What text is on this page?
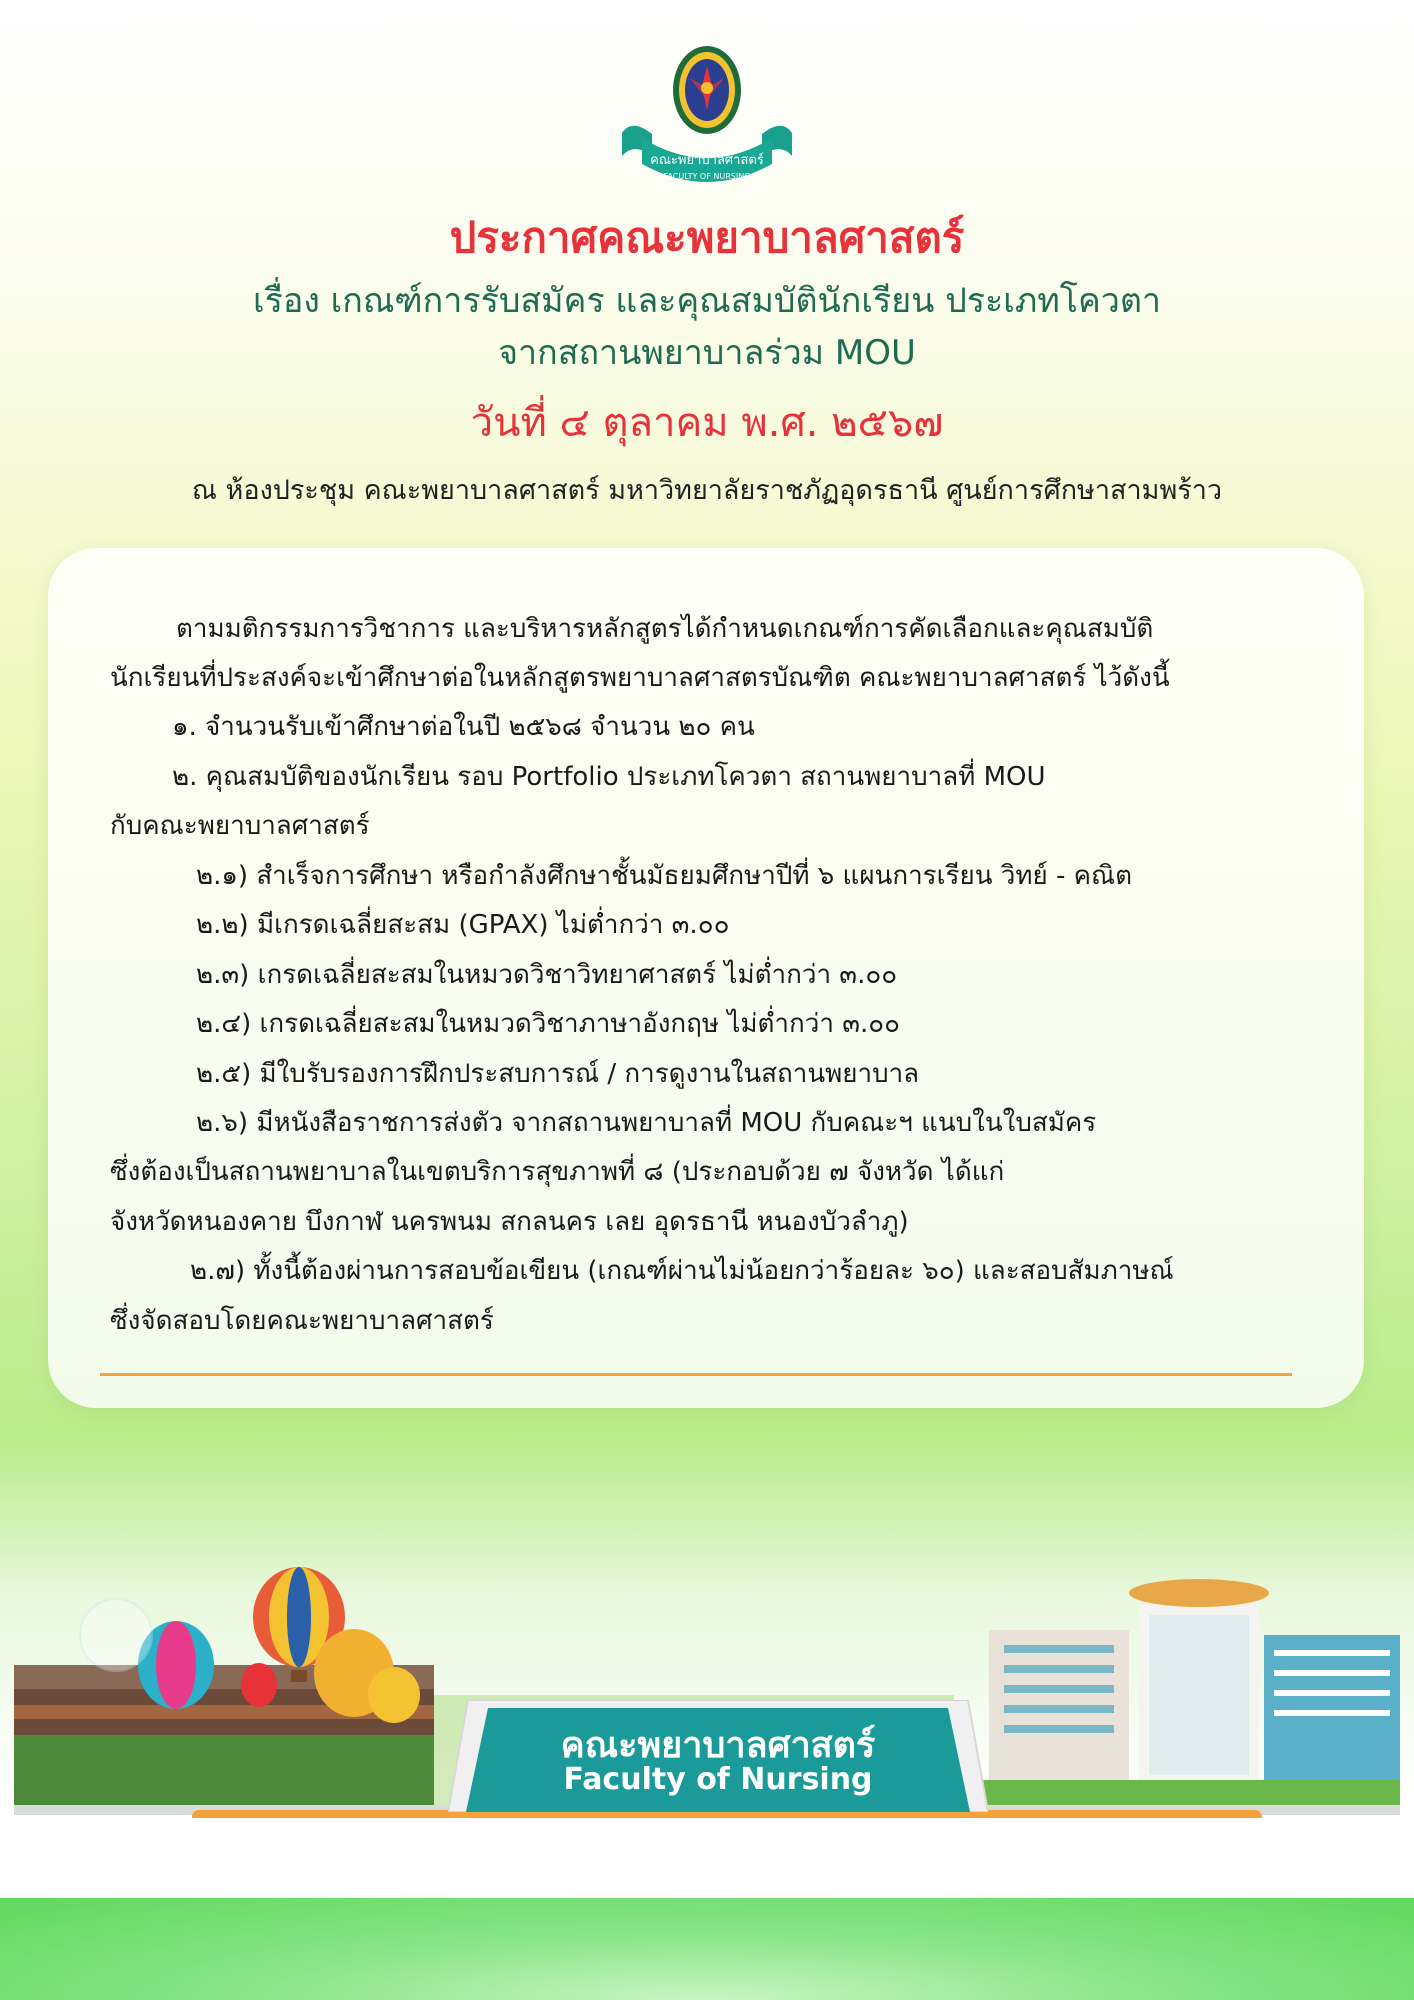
คณะพยาบาลศาสตร์
FACULTY OF NURSING
ประกาศคณะพยาบาลศาสตร์
เรื่อง เกณฑ์การรับสมัคร และคุณสมบัตินักเรียน ประเภทโควตา
จากสถานพยาบาลร่วม MOU
วันที่ ๔ ตุลาคม พ.ศ. ๒๕๖๗
ณ ห้องประชุม คณะพยาบาลศาสตร์ มหาวิทยาลัยราชภัฏอุดรธานี ศูนย์การศึกษาสามพร้าว
ตามมติกรรมการวิชาการ และบริหารหลักสูตรได้กำหนดเกณฑ์การคัดเลือกและคุณสมบัติ
นักเรียนที่ประสงค์จะเข้าศึกษาต่อในหลักสูตรพยาบาลศาสตรบัณฑิต คณะพยาบาลศาสตร์ ไว้ดังนี้
๑. จำนวนรับเข้าศึกษาต่อในปี ๒๕๖๘ จำนวน ๒๐ คน
๒. คุณสมบัติของนักเรียน รอบ Portfolio ประเภทโควตา สถานพยาบาลที่ MOU
กับคณะพยาบาลศาสตร์
๒.๑) สำเร็จการศึกษา หรือกำลังศึกษาชั้นมัธยมศึกษาปีที่ ๖ แผนการเรียน วิทย์ - คณิต
๒.๒) มีเกรดเฉลี่ยสะสม (GPAX) ไม่ต่ำกว่า ๓.๐๐
๒.๓) เกรดเฉลี่ยสะสมในหมวดวิชาวิทยาศาสตร์ ไม่ต่ำกว่า ๓.๐๐
๒.๔) เกรดเฉลี่ยสะสมในหมวดวิชาภาษาอังกฤษ ไม่ต่ำกว่า ๓.๐๐
๒.๕) มีใบรับรองการฝึกประสบการณ์ / การดูงานในสถานพยาบาล
๒.๖) มีหนังสือราชการส่งตัว จากสถานพยาบาลที่ MOU กับคณะฯ แนบในใบสมัคร
ซึ่งต้องเป็นสถานพยาบาลในเขตบริการสุขภาพที่ ๘ (ประกอบด้วย ๗ จังหวัด ได้แก่
จังหวัดหนองคาย บึงกาฬ นครพนม สกลนคร เลย อุดรธานี หนองบัวลำภู)
๒.๗) ทั้งนี้ต้องผ่านการสอบข้อเขียน (เกณฑ์ผ่านไม่น้อยกว่าร้อยละ ๖๐) และสอบสัมภาษณ์
ซึ่งจัดสอบโดยคณะพยาบาลศาสตร์
คณะพยาบาลศาสตร์
Faculty of Nursing
